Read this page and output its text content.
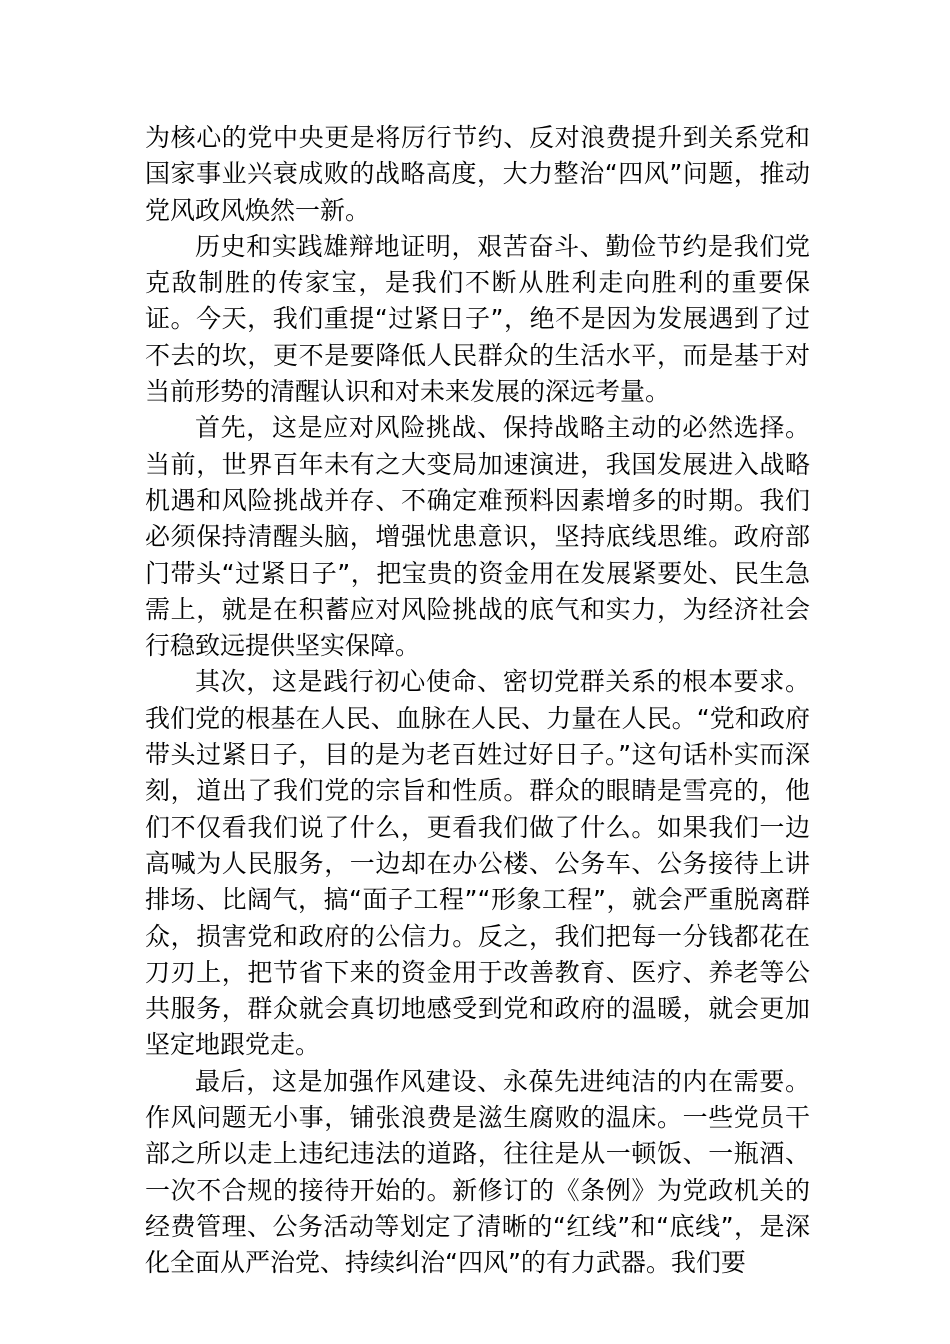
为核心的党中央更是将厉行节约、反对浪费提升到关系党和国家事业兴衰成败的战略高度，大力整治“四风”问题，推动党风政风焕然一新。

历史和实践雄辩地证明，艰苦奋斗、勤俭节约是我们党克敌制胜的传家宝，是我们不断从胜利走向胜利的重要保证。今天，我们重提“过紧日子”，绝不是因为发展遇到了过不去的坎，更不是要降低人民群众的生活水平，而是基于对当前形势的清醒认识和对未来发展的深远考量。

首先，这是应对风险挑战、保持战略主动的必然选择。当前，世界百年未有之大变局加速演进，我国发展进入战略机遇和风险挑战并存、不确定难预料因素增多的时期。我们必须保持清醒头脑，增强忧患意识，坚持底线思维。政府部门带头“过紧日子”，把宝贵的资金用在发展紧要处、民生急需上，就是在积蓄应对风险挑战的底气和实力，为经济社会行稳致远提供坚实保障。

其次，这是践行初心使命、密切党群关系的根本要求。我们党的根基在人民、血脉在人民、力量在人民。“党和政府带头过紧日子，目的是为老百姓过好日子。”这句话朴实而深刻，道出了我们党的宗旨和性质。群众的眼睛是雪亮的，他们不仅看我们说了什么，更看我们做了什么。如果我们一边高喊为人民服务，一边却在办公楼、公务车、公务接待上讲排场、比阔气，搞“面子工程”“形象工程”，就会严重脱离群众，损害党和政府的公信力。反之，我们把每一分钱都花在刀刃上，把节省下来的资金用于改善教育、医疗、养老等公共服务，群众就会真切地感受到党和政府的温暖，就会更加坚定地跟党走。

最后，这是加强作风建设、永葆先进纯洁的内在需要。作风问题无小事，铺张浪费是滋生腐败的温床。一些党员干部之所以走上违纪违法的道路，往往是从一顿饭、一瓶酒、一次不合规的接待开始的。新修订的《条例》为党政机关的经费管理、公务活动等划定了清晰的“红线”和“底线”，是深化全面从严治党、持续纠治“四风”的有力武器。我们要
